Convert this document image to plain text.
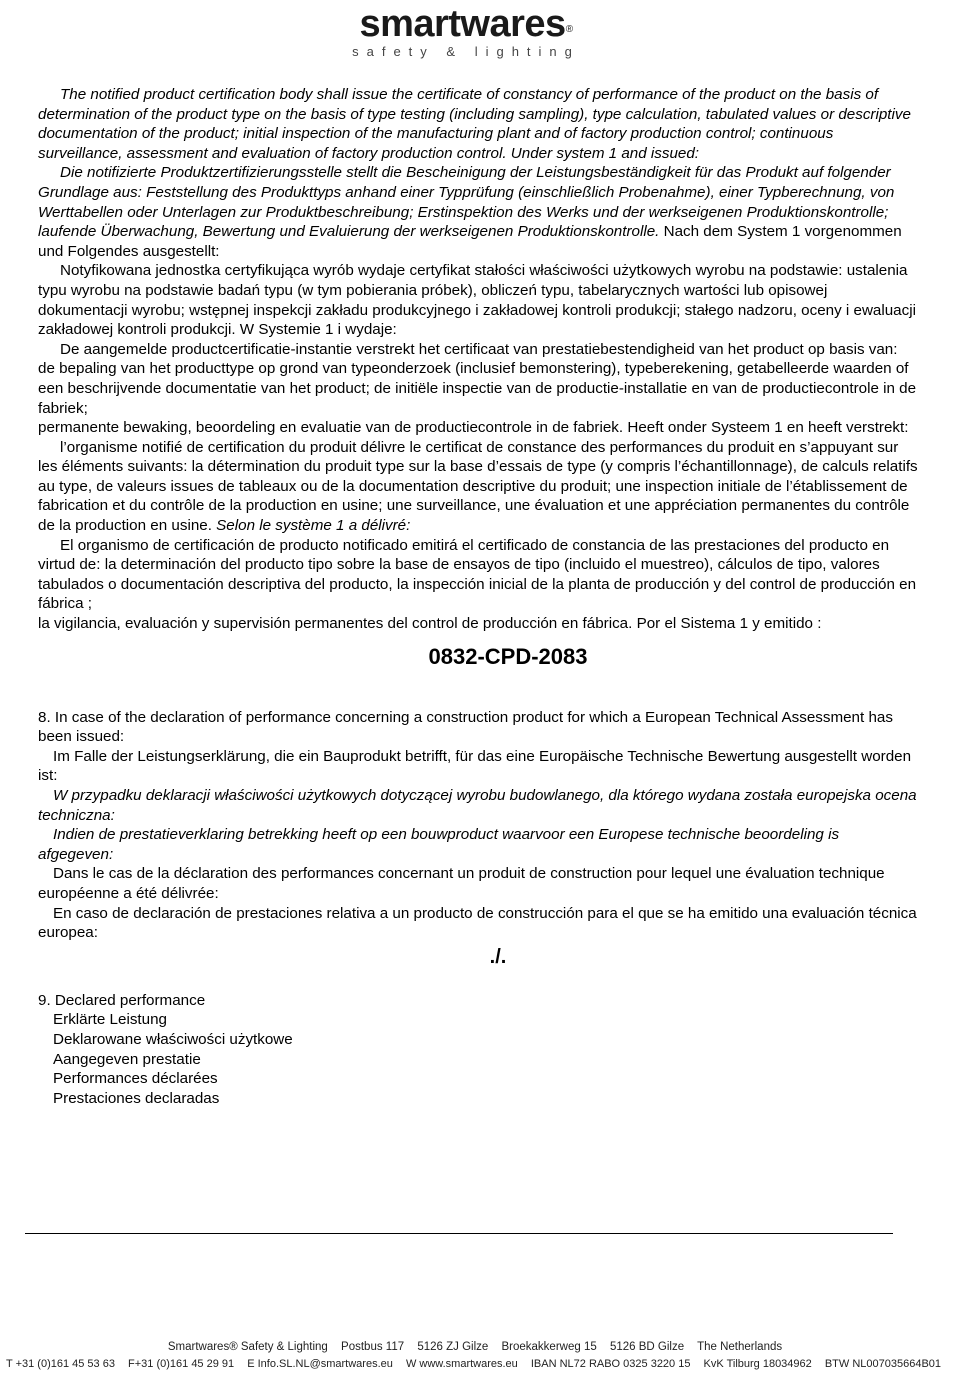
smartwares®
safety & lighting

The notified product certification body shall issue the certificate of constancy of performance of the product on the basis of determination of the product type on the basis of type testing (including sampling), type calculation, tabulated values or descriptive documentation of the product; initial inspection of the manufacturing plant and of factory production control; continuous surveillance, assessment and evaluation of factory production control. Under system 1 and issued:

Die notifizierte Produktzertifizierungsstelle stellt die Bescheinigung der Leistungsbeständigkeit für das Produkt auf folgender Grundlage aus: Feststellung des Produkttyps anhand einer Typprüfung (einschließlich Probenahme), einer Typberechnung, von Werttabellen oder Unterlagen zur Produktbeschreibung; Erstinspektion des Werks und der werkseigenen Produktionskontrolle; laufende Überwachung, Bewertung und Evaluierung der werkseigenen Produktionskontrolle. Nach dem System 1 vorgenommen und Folgendes ausgestellt:

Notyfikowana jednostka certyfikująca wyrób wydaje certyfikat stałości właściwości użytkowych wyrobu na podstawie: ustalenia typu wyrobu na podstawie badań typu (w tym pobierania próbek), obliczeń typu, tabelarycznych wartości lub opisowej dokumentacji wyrobu; wstępnej inspekcji zakładu produkcyjnego i zakładowej kontroli produkcji; stałego nadzoru, oceny i ewaluacji zakładowej kontroli produkcji. W Systemie 1 i wydaje:

De aangemelde productcertificatie-instantie verstrekt het certificaat van prestatiebestendigheid van het product op basis van: de bepaling van het producttype op grond van typeonderzoek (inclusief bemonstering), typeberekening, getabelleerde waarden of een beschrijvende documentatie van het product; de initiële inspectie van de productie-installatie en van de productiecontrole in de fabriek;

permanente bewaking, beoordeling en evaluatie van de productiecontrole in de fabriek. Heeft onder Systeem 1 en heeft verstrekt:

l’organisme notifié de certification du produit délivre le certificat de constance des performances du produit en s’appuyant sur les éléments suivants: la détermination du produit type sur la base d’essais de type (y compris l’échantillonnage), de calculs relatifs au type, de valeurs issues de tableaux ou de la documentation descriptive du produit; une inspection initiale de l’établissement de fabrication et du contrôle de la production en usine; une surveillance, une évaluation et une appréciation permanentes du contrôle de la production en usine. Selon le système 1 a délivré:

El organismo de certificación de producto notificado emitirá el certificado de constancia de las prestaciones del producto en virtud de: la determinación del producto tipo sobre la base de ensayos de tipo (incluido el muestreo), cálculos de tipo, valores tabulados o documentación descriptiva del producto, la inspección inicial de la planta de producción y del control de producción en fábrica ;

la vigilancia, evaluación y supervisión permanentes del control de producción en fábrica. Por el Sistema 1 y emitido :

0832-CPD-2083

8. In case of the declaration of performance concerning a construction product for which a European Technical Assessment has been issued:

Im Falle der Leistungserklärung, die ein Bauprodukt betrifft, für das eine Europäische Technische Bewertung ausgestellt worden ist:

W przypadku deklaracji właściwości użytkowych dotyczącej wyrobu budowlanego, dla którego wydana została europejska ocena techniczna:

Indien de prestatieverklaring betrekking heeft op een bouwproduct waarvoor een Europese technische beoordeling is afgegeven:

Dans le cas de la déclaration des performances concernant un produit de construction pour lequel une évaluation technique européenne a été délivrée:

En caso de declaración de prestaciones relativa a un producto de construcción para el que se ha emitido una evaluación técnica europea:

./.
9. Declared performance
Erklärte Leistung
Deklarowane właściwości użytkowe
Aangegeven prestatie
Performances déclarées
Prestaciones declaradas
Smartwares® Safety & Lighting Postbus 117 5126 ZJ Gilze Broekakkerweg 15 5126 BD Gilze The Netherlands
T +31 (0)161 45 53 63 F+31 (0)161 45 29 91 E Info.SL.NL@smartwares.eu W www.smartwares.eu IBAN NL72 RABO 0325 3220 15 KvK Tilburg 18034962 BTW NL007035664B01
